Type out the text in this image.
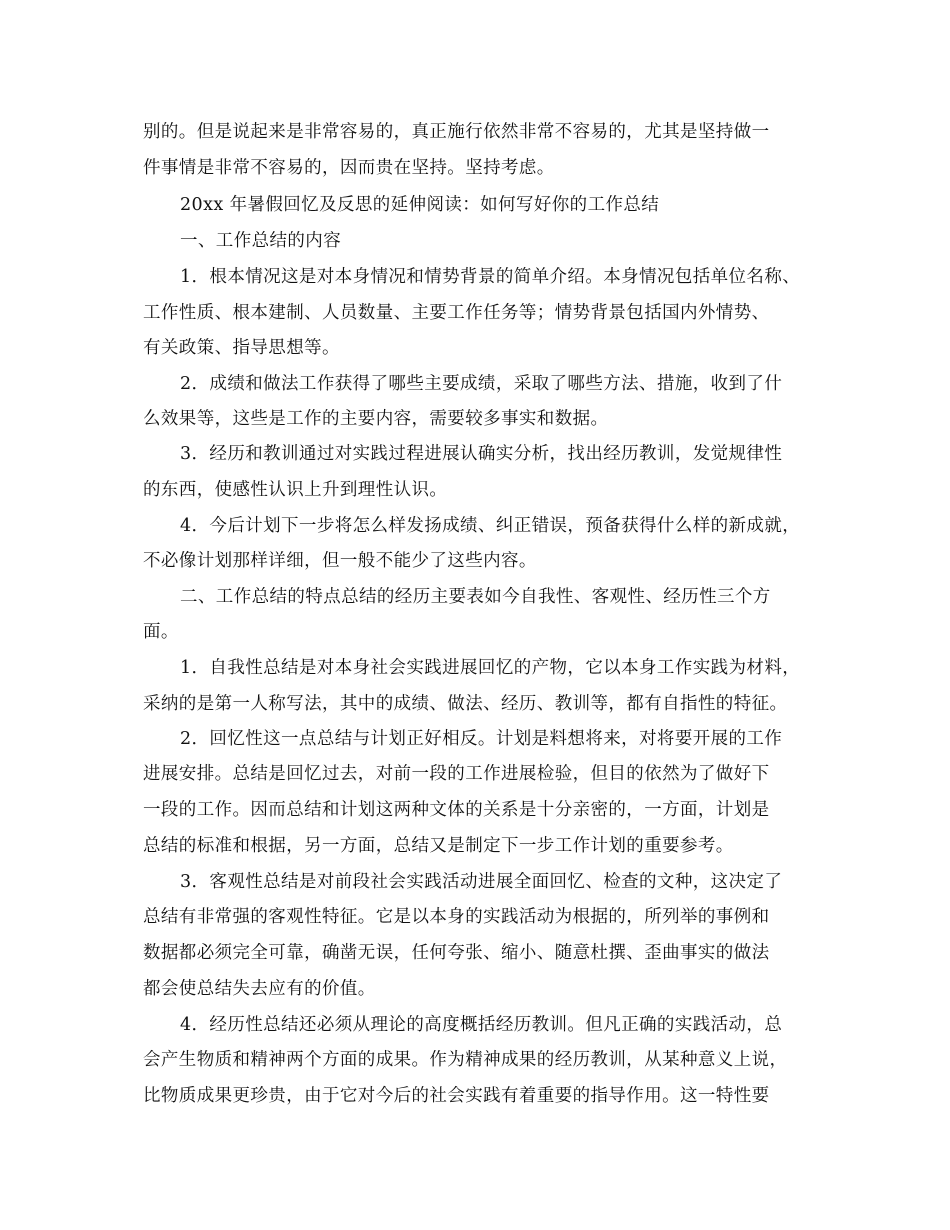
别的。但是说起来是非常容易的，真正施行依然非常不容易的，尤其是坚持做一
件事情是非常不容易的，因而贵在坚持。坚持考虑。
20xx 年暑假回忆及反思的延伸阅读：如何写好你的工作总结
一、工作总结的内容
1．根本情况这是对本身情况和情势背景的简单介绍。本身情况包括单位名称、
工作性质、根本建制、人员数量、主要工作任务等；情势背景包括国内外情势、
有关政策、指导思想等。
2．成绩和做法工作获得了哪些主要成绩，采取了哪些方法、措施，收到了什
么效果等，这些是工作的主要内容，需要较多事实和数据。
3．经历和教训通过对实践过程进展认确实分析，找出经历教训，发觉规律性
的东西，使感性认识上升到理性认识。
4．今后计划下一步将怎么样发扬成绩、纠正错误，预备获得什么样的新成就，
不必像计划那样详细，但一般不能少了这些内容。
二、工作总结的特点总结的经历主要表如今自我性、客观性、经历性三个方
面。
1．自我性总结是对本身社会实践进展回忆的产物，它以本身工作实践为材料，
采纳的是第一人称写法，其中的成绩、做法、经历、教训等，都有自指性的特征。
2．回忆性这一点总结与计划正好相反。计划是料想将来，对将要开展的工作
进展安排。总结是回忆过去，对前一段的工作进展检验，但目的依然为了做好下
一段的工作。因而总结和计划这两种文体的关系是十分亲密的，一方面，计划是
总结的标准和根据，另一方面，总结又是制定下一步工作计划的重要参考。
3．客观性总结是对前段社会实践活动进展全面回忆、检查的文种，这决定了
总结有非常强的客观性特征。它是以本身的实践活动为根据的，所列举的事例和
数据都必须完全可靠，确凿无误，任何夸张、缩小、随意杜撰、歪曲事实的做法
都会使总结失去应有的价值。
4．经历性总结还必须从理论的高度概括经历教训。但凡正确的实践活动，总
会产生物质和精神两个方面的成果。作为精神成果的经历教训，从某种意义上说，
比物质成果更珍贵，由于它对今后的社会实践有着重要的指导作用。这一特性要
